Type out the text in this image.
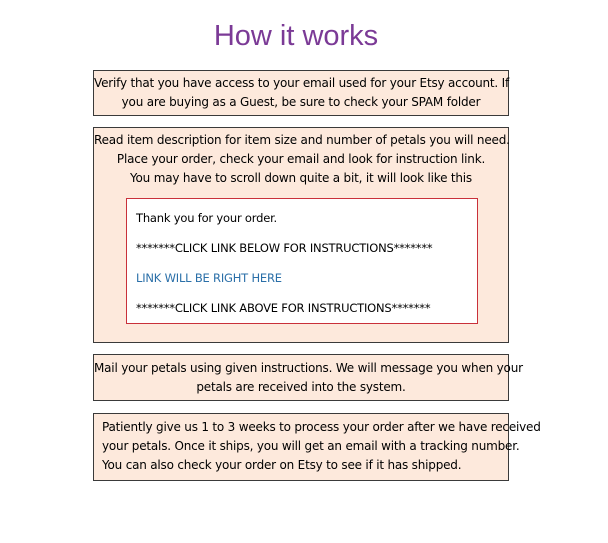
How it works
Verify that you have access to your email used for your Etsy account. If
you are buying as a Guest, be sure to check your SPAM folder
Read item description for item size and number of petals you will need.
Place your order, check your email and look for instruction link.
You may have to scroll down quite a bit, it will look like this
Thank you for your order.
*******CLICK LINK BELOW FOR INSTRUCTIONS*******
LINK WILL BE RIGHT HERE
*******CLICK LINK ABOVE FOR INSTRUCTIONS*******
Mail your petals using given instructions. We will message you when your
petals are received into the system.
Patiently give us 1 to 3 weeks to process your order after we have received
your petals. Once it ships, you will get an email with a tracking number.
You can also check your order on Etsy to see if it has shipped.
